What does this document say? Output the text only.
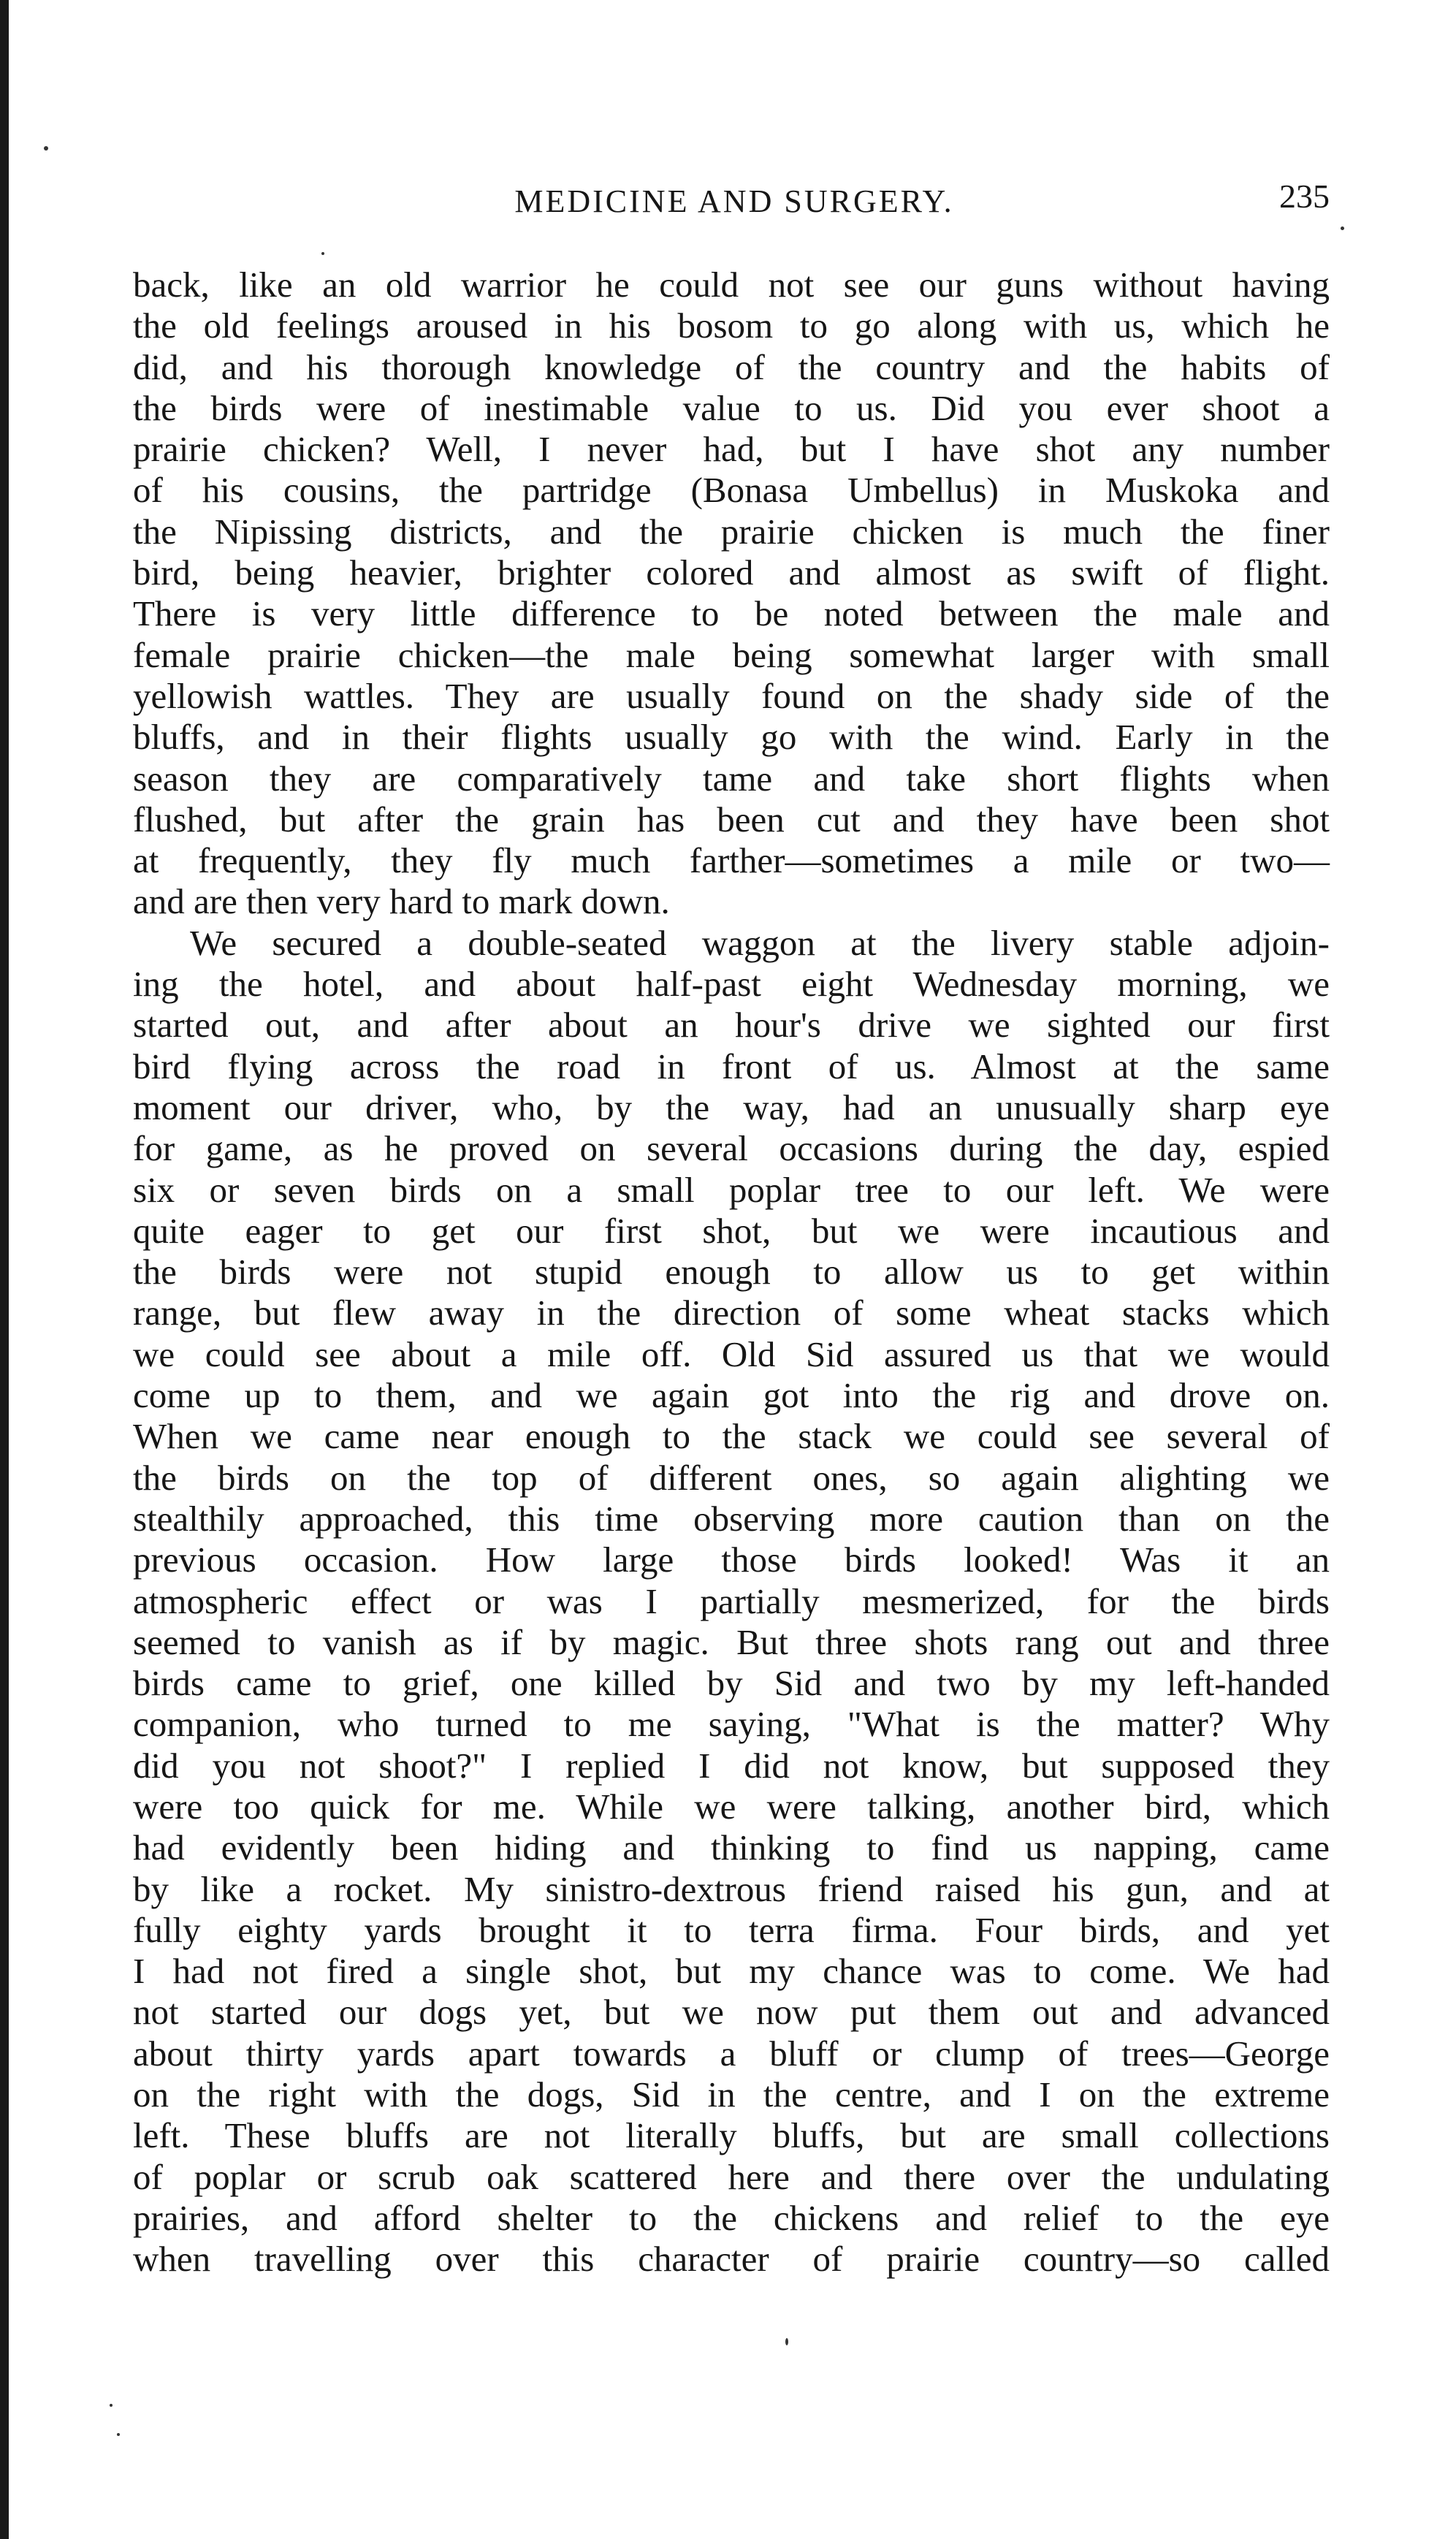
MEDICINE AND SURGERY.	235
back, like an old warrior he could not see our guns without having
the old feelings aroused in his bosom to go along with us, which he
did, and his thorough knowledge of the country and the habits of
the birds were of inestimable value to us. Did you ever shoot a
prairie chicken? Well, I never had, but I have shot any number
of his cousins, the partridge (Bonasa Umbellus) in Muskoka and
the Nipissing districts, and the prairie chicken is much the finer
bird, being heavier, brighter colored and almost as swift of flight.
There is very little difference to be noted between the male and
female prairie chicken—the male being somewhat larger with small
yellowish wattles. They are usually found on the shady side of the
bluffs, and in their flights usually go with the wind. Early in the
season they are comparatively tame and take short flights when
flushed, but after the grain has been cut and they have been shot
at frequently, they fly much farther—sometimes a mile or two—
and are then very hard to mark down.
We secured a double-seated waggon at the livery stable adjoin-
ing the hotel, and about half-past eight Wednesday morning, we
started out, and after about an hour's drive we sighted our first
bird flying across the road in front of us. Almost at the same
moment our driver, who, by the way, had an unusually sharp eye
for game, as he proved on several occasions during the day, espied
six or seven birds on a small poplar tree to our left. We were
quite eager to get our first shot, but we were incautious and
the birds were not stupid enough to allow us to get within
range, but flew away in the direction of some wheat stacks which
we could see about a mile off. Old Sid assured us that we would
come up to them, and we again got into the rig and drove on.
When we came near enough to the stack we could see several of
the birds on the top of different ones, so again alighting we
stealthily approached, this time observing more caution than on the
previous occasion. How large those birds looked! Was it an
atmospheric effect or was I partially mesmerized, for the birds
seemed to vanish as if by magic. But three shots rang out and three
birds came to grief, one killed by Sid and two by my left-handed
companion, who turned to me saying, "What is the matter? Why
did you not shoot?" I replied I did not know, but supposed they
were too quick for me. While we were talking, another bird, which
had evidently been hiding and thinking to find us napping, came
by like a rocket. My sinistro-dextrous friend raised his gun, and at
fully eighty yards brought it to terra firma. Four birds, and yet
I had not fired a single shot, but my chance was to come. We had
not started our dogs yet, but we now put them out and advanced
about thirty yards apart towards a bluff or clump of trees—George
on the right with the dogs, Sid in the centre, and I on the extreme
left. These bluffs are not literally bluffs, but are small collections
of poplar or scrub oak scattered here and there over the undulating
prairies, and afford shelter to the chickens and relief to the eye
when travelling over this character of prairie country—so called
